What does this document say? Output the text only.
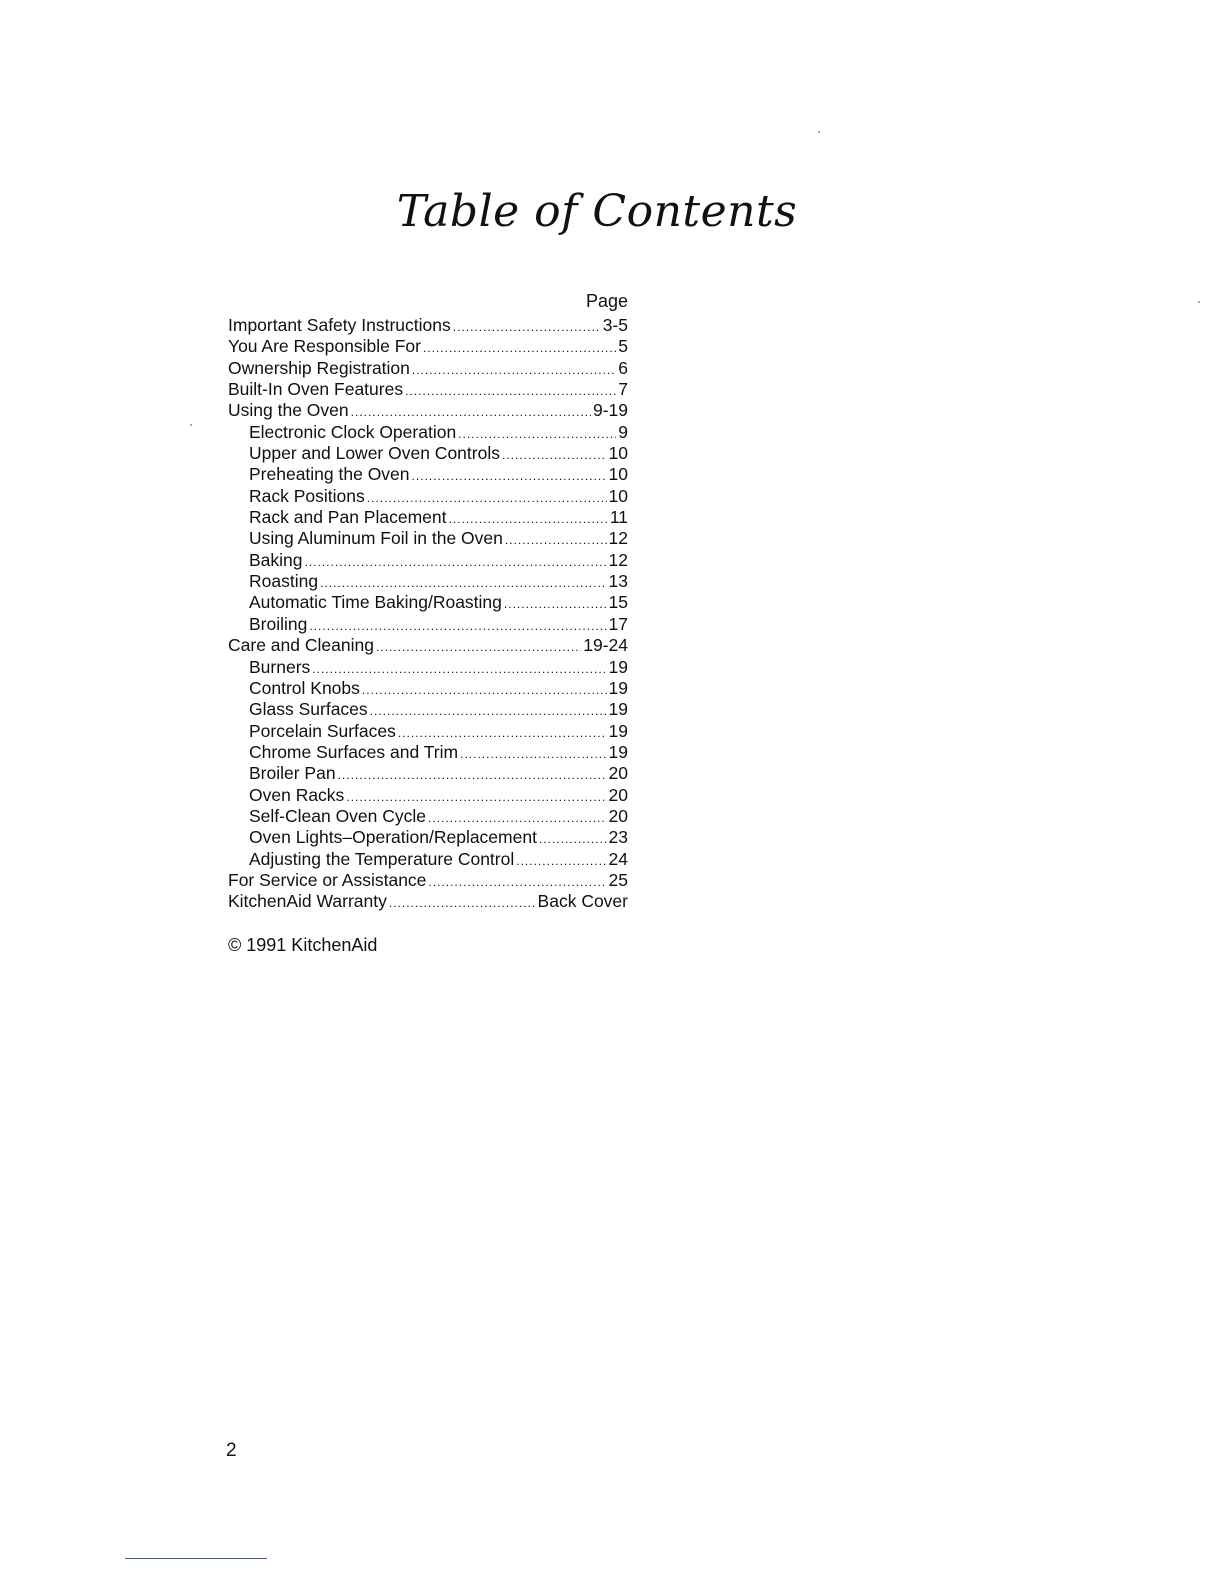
Table of Contents
Page
Important Safety Instructions .....	3-5
You Are Responsible For .....	5
Ownership Registration .....	6
Built-In Oven Features .....	7
Using the Oven .....	9-19
Electronic Clock Operation .....	9
Upper and Lower Oven Controls .....	10
Preheating the Oven .....	10
Rack Positions .....	10
Rack and Pan Placement .....	11
Using Aluminum Foil in the Oven .....	12
Baking .....	12
Roasting .....	13
Automatic Time Baking/Roasting .....	15
Broiling .....	17
Care and Cleaning .....	19-24
Burners .....	19
Control Knobs .....	19
Glass Surfaces .....	19
Porcelain Surfaces .....	19
Chrome Surfaces and Trim .....	19
Broiler Pan .....	20
Oven Racks .....	20
Self-Clean Oven Cycle .....	20
Oven Lights–Operation/Replacement .....	23
Adjusting the Temperature Control .....	24
For Service or Assistance .....	25
KitchenAid Warranty .....	Back Cover
© 1991 KitchenAid
2
